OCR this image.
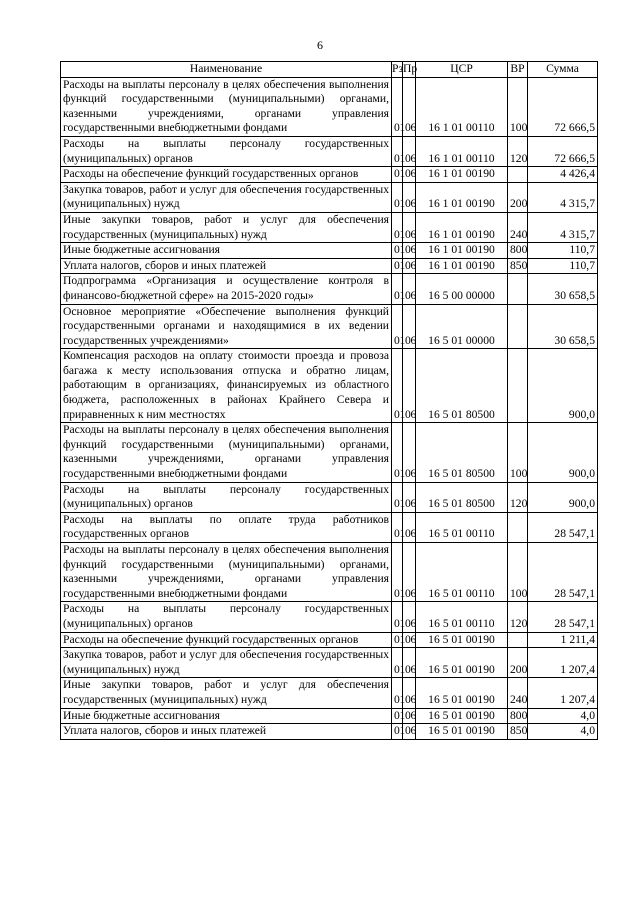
6
Наименование	Рз	Пр	ЦСР	ВР	Сумма
Расходы на выплаты персоналу в целях обеспечения выполнения функций государственными (муниципальными) органами, казенными учреждениями, органами управления государственными внебюджетными фондами	01	06	16 1 01 00110	100	72 666,5
Расходы на выплаты персоналу государственных (муниципальных) органов	01	06	16 1 01 00110	120	72 666,5
Расходы на обеспечение функций государственных органов	01	06	16 1 01 00190		4 426,4
Закупка товаров, работ и услуг для обеспечения государственных (муниципальных) нужд	01	06	16 1 01 00190	200	4 315,7
Иные закупки товаров, работ и услуг для обеспечения государственных (муниципальных) нужд	01	06	16 1 01 00190	240	4 315,7
Иные бюджетные ассигнования	01	06	16 1 01 00190	800	110,7
Уплата налогов, сборов и иных платежей	01	06	16 1 01 00190	850	110,7
Подпрограмма «Организация и осуществление контроля в финансово-бюджетной сфере» на 2015-2020 годы»	01	06	16 5 00 00000		30 658,5
Основное мероприятие «Обеспечение выполнения функций государственными органами и находящимися в их ведении государственных учреждениями»	01	06	16 5 01 00000		30 658,5
Компенсация расходов на оплату стоимости проезда и провоза багажа к месту использования отпуска и обратно лицам, работающим в организациях, финансируемых из областного бюджета, расположенных в районах Крайнего Севера и приравненных к ним местностях	01	06	16 5 01 80500		900,0
Расходы на выплаты персоналу в целях обеспечения выполнения функций государственными (муниципальными) органами, казенными учреждениями, органами управления государственными внебюджетными фондами	01	06	16 5 01 80500	100	900,0
Расходы на выплаты персоналу государственных (муниципальных) органов	01	06	16 5 01 80500	120	900,0
Расходы на выплаты по оплате труда работников государственных органов	01	06	16 5 01 00110		28 547,1
Расходы на выплаты персоналу в целях обеспечения выполнения функций государственными (муниципальными) органами, казенными учреждениями, органами управления государственными внебюджетными фондами	01	06	16 5 01 00110	100	28 547,1
Расходы на выплаты персоналу государственных (муниципальных) органов	01	06	16 5 01 00110	120	28 547,1
Расходы на обеспечение функций государственных органов	01	06	16 5 01 00190		1 211,4
Закупка товаров, работ и услуг для обеспечения государственных (муниципальных) нужд	01	06	16 5 01 00190	200	1 207,4
Иные закупки товаров, работ и услуг для обеспечения государственных (муниципальных) нужд	01	06	16 5 01 00190	240	1 207,4
Иные бюджетные ассигнования	01	06	16 5 01 00190	800	4,0
Уплата налогов, сборов и иных платежей	01	06	16 5 01 00190	850	4,0
